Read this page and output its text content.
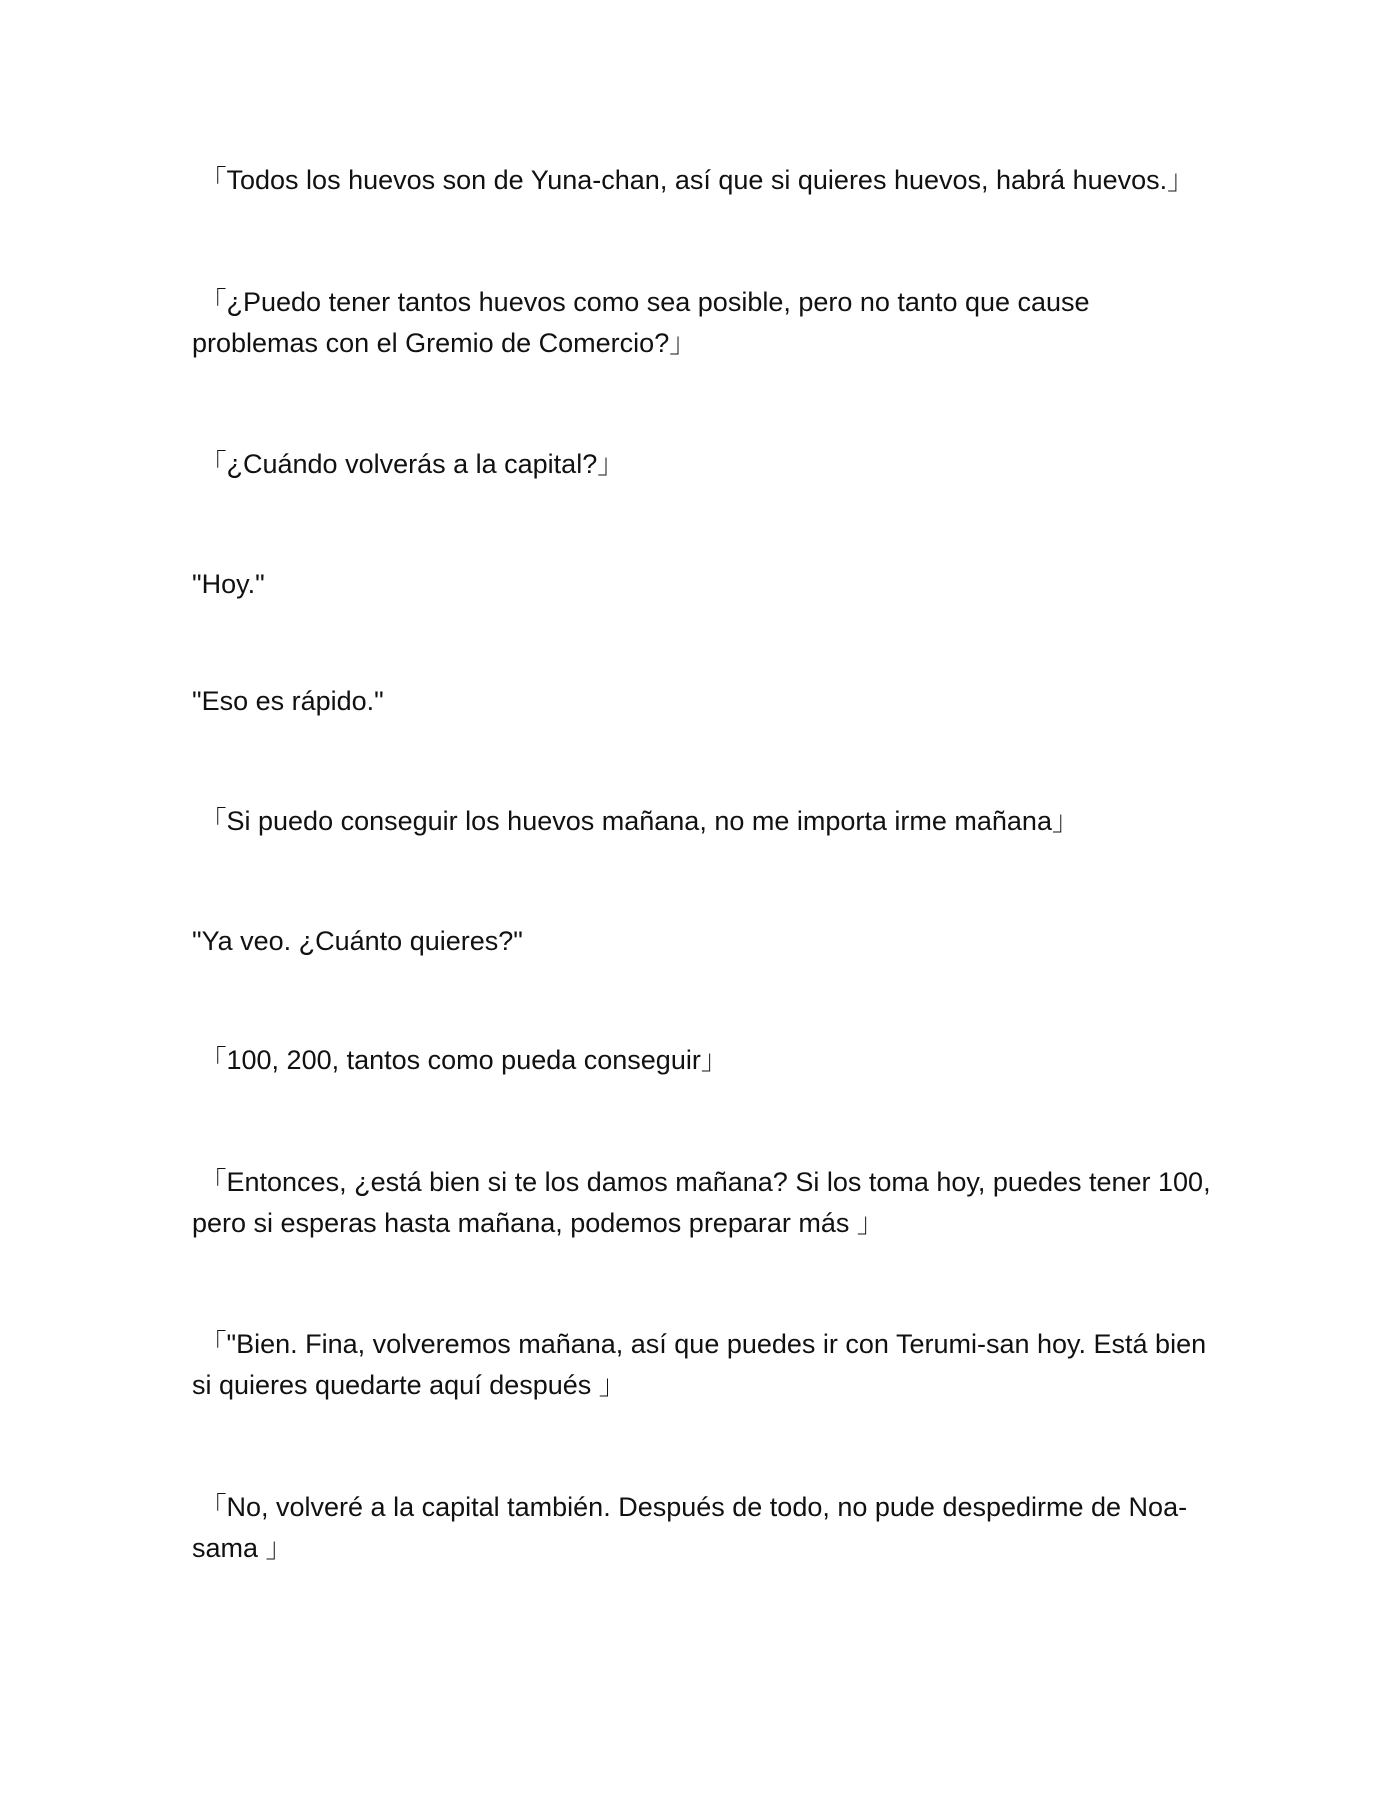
「Todos los huevos son de Yuna-chan, así que si quieres huevos, habrá huevos.」

「¿Puedo tener tantos huevos como sea posible, pero no tanto que cause problemas con el Gremio de Comercio?」

「¿Cuándo volverás a la capital?」

"Hoy."

"Eso es rápido."

「Si puedo conseguir los huevos mañana, no me importa irme mañana」

"Ya veo. ¿Cuánto quieres?"

「100, 200, tantos como pueda conseguir」

「Entonces, ¿está bien si te los damos mañana? Si los toma hoy, puedes tener 100, pero si esperas hasta mañana, podemos preparar más 」

「"Bien. Fina, volveremos mañana, así que puedes ir con Terumi-san hoy. Está bien si quieres quedarte aquí después 」

「No, volveré a la capital también. Después de todo, no pude despedirme de Noa-sama 」
